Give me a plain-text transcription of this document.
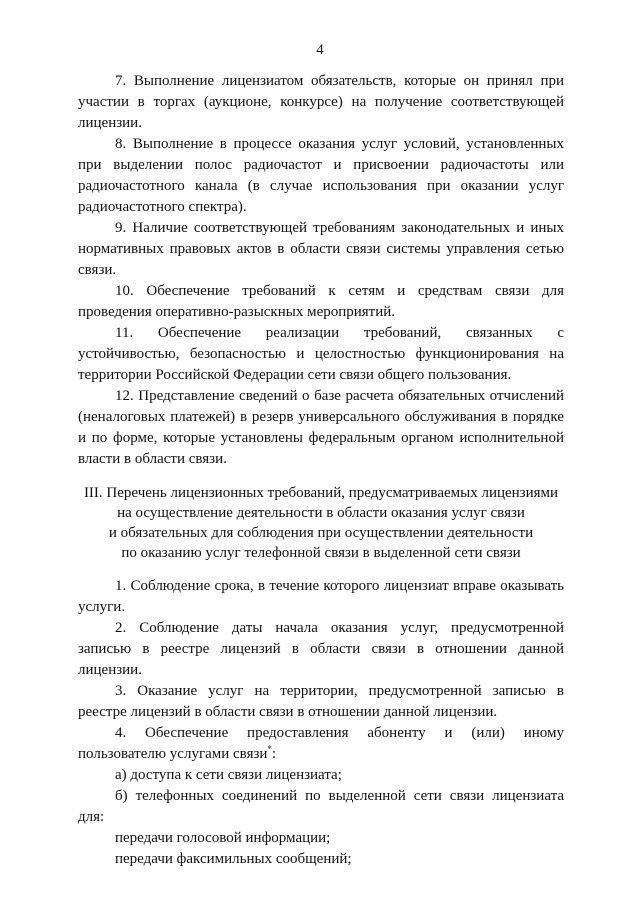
4

7. Выполнение лицензиатом обязательств, которые он принял при участии в торгах (аукционе, конкурсе) на получение соответствующей лицензии.

8. Выполнение в процессе оказания услуг условий, установленных при выделении полос радиочастот и присвоении радиочастоты или радиочастотного канала (в случае использования при оказании услуг радиочастотного спектра).

9. Наличие соответствующей требованиям законодательных и иных нормативных правовых актов в области связи системы управления сетью связи.

10. Обеспечение требований к сетям и средствам связи для проведения оперативно-разыскных мероприятий.

11. Обеспечение реализации требований, связанных с устойчивостью, безопасностью и целостностью функционирования на территории Российской Федерации сети связи общего пользования.

12. Представление сведений о базе расчета обязательных отчислений (неналоговых платежей) в резерв универсального обслуживания в порядке и по форме, которые установлены федеральным органом исполнительной власти в области связи.

III. Перечень лицензионных требований, предусматриваемых лицензиями
на осуществление деятельности в области оказания услуг связи
и обязательных для соблюдения при осуществлении деятельности
по оказанию услуг телефонной связи в выделенной сети связи

1. Соблюдение срока, в течение которого лицензиат вправе оказывать услуги.

2. Соблюдение даты начала оказания услуг, предусмотренной записью в реестре лицензий в области связи в отношении данной лицензии.

3. Оказание услуг на территории, предусмотренной записью в реестре лицензий в области связи в отношении данной лицензии.

4. Обеспечение предоставления абоненту и (или) иному пользователю услугами связи*:

а) доступа к сети связи лицензиата;

б) телефонных соединений по выделенной сети связи лицензиата для:

передачи голосовой информации;

передачи факсимильных сообщений;
